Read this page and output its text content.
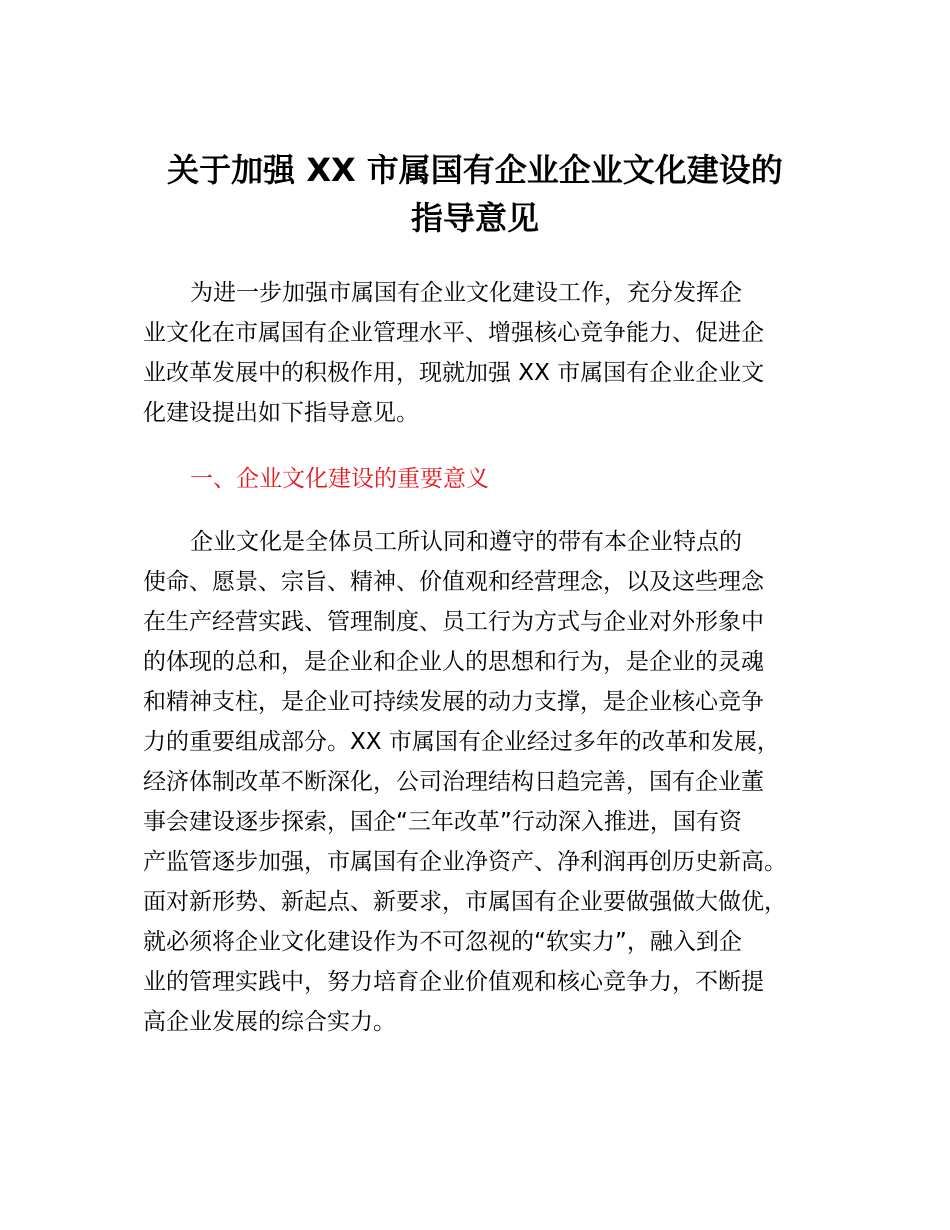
关于加强 XX 市属国有企业企业文化建设的
指导意见

为进一步加强市属国有企业文化建设工作，充分发挥企

业文化在市属国有企业管理水平、增强核心竞争能力、促进企

业改革发展中的积极作用，现就加强 XX 市属国有企业企业文

化建设提出如下指导意见。

一、企业文化建设的重要意义

企业文化是全体员工所认同和遵守的带有本企业特点的

使命、愿景、宗旨、精神、价值观和经营理念，以及这些理念

在生产经营实践、管理制度、员工行为方式与企业对外形象中

的体现的总和，是企业和企业人的思想和行为，是企业的灵魂

和精神支柱，是企业可持续发展的动力支撑，是企业核心竞争

力的重要组成部分。XX 市属国有企业经过多年的改革和发展，

经济体制改革不断深化，公司治理结构日趋完善，国有企业董

事会建设逐步探索，国企“三年改革”行动深入推进，国有资

产监管逐步加强，市属国有企业净资产、净利润再创历史新高。

面对新形势、新起点、新要求，市属国有企业要做强做大做优，

就必须将企业文化建设作为不可忽视的“软实力”，融入到企

业的管理实践中，努力培育企业价值观和核心竞争力，不断提

高企业发展的综合实力。
